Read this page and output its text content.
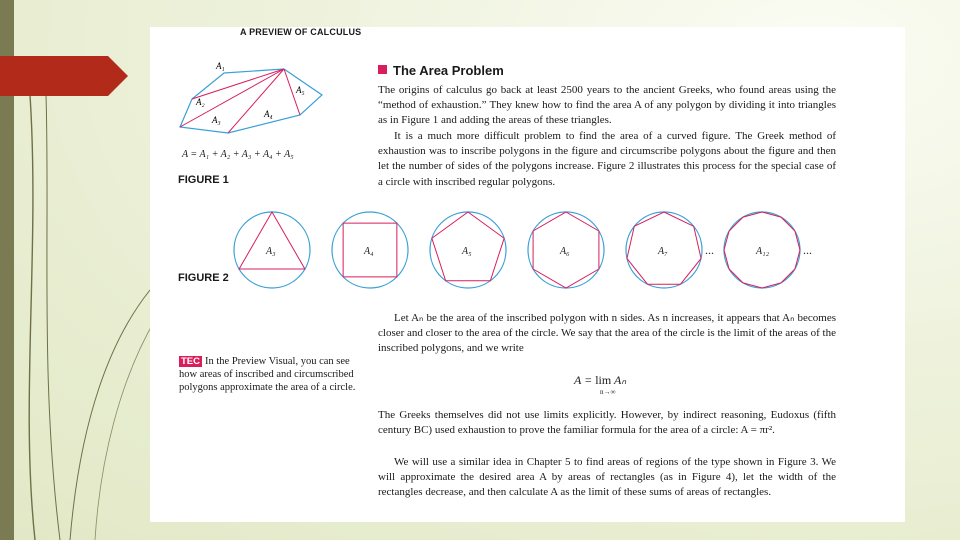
A PREVIEW OF CALCULUS
A₁
A₂
A₃
A₄
A₅
A = A₁ + A₂ + A₃ + A₄ + A₅
FIGURE 1
The Area Problem

The origins of calculus go back at least 2500 years to the ancient Greeks, who found areas using the “method of exhaustion.” They knew how to find the area A of any polygon by dividing it into triangles as in Figure 1 and adding the areas of these triangles.

It is a much more difficult problem to find the area of a curved figure. The Greek method of exhaustion was to inscribe polygons in the figure and circumscribe polygons about the figure and then let the number of sides of the polygons increase. Figure 2 illustrates this process for the special case of a circle with inscribed regular polygons.

A₃	A₄	A₅	A₆	A₇	...	A₁₂	...
FIGURE 2

Let Aₙ be the area of the inscribed polygon with n sides. As n increases, it appears that Aₙ becomes closer and closer to the area of the circle. We say that the area of the circle is the limit of the areas of the inscribed polygons, and we write

A = lim Aₙ
n→∞

TEC In the Preview Visual, you can see how areas of inscribed and circumscribed polygons approximate the area of a circle.

The Greeks themselves did not use limits explicitly. However, by indirect reasoning, Eudoxus (fifth century BC) used exhaustion to prove the familiar formula for the area of a circle: A = πr².

We will use a similar idea in Chapter 5 to find areas of regions of the type shown in Figure 3. We will approximate the desired area A by areas of rectangles (as in Figure 4), let the width of the rectangles decrease, and then calculate A as the limit of these sums of areas of rectangles.
